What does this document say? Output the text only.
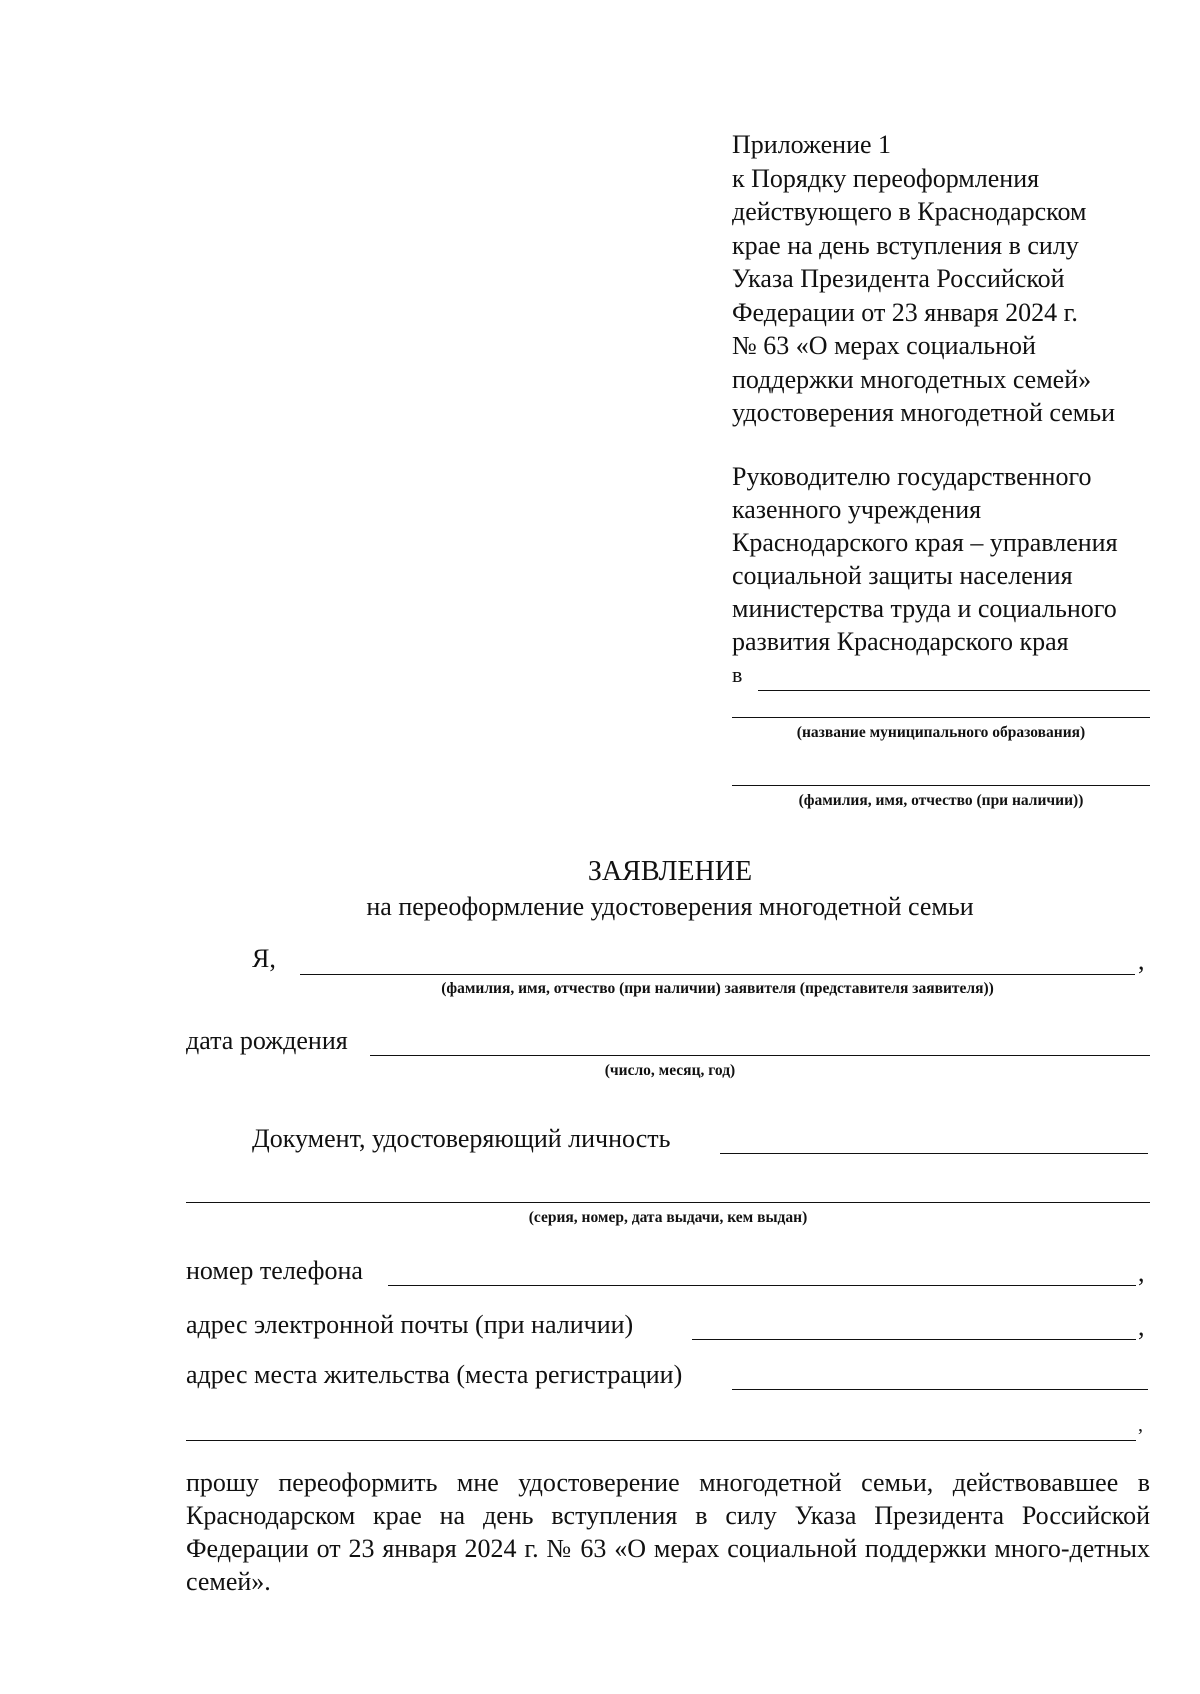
Приложение 1
к Порядку переоформления
действующего в Краснодарском
крае на день вступления в силу
Указа Президента Российской
Федерации от 23 января 2024 г.
№ 63 «О мерах социальной
поддержки многодетных семей»
удостоверения многодетной семьи
Руководителю государственного
казенного учреждения
Краснодарского края – управления
социальной защиты населения
министерства труда и социального
развития Краснодарского края
в
(название муниципального образования)
(фамилия, имя, отчество (при наличии))
ЗАЯВЛЕНИЕ
на переоформление удостоверения многодетной семьи
Я,	,
(фамилия, имя, отчество (при наличии) заявителя (представителя заявителя))
дата рождения
(число, месяц, год)
Документ, удостоверяющий личность
(серия, номер, дата выдачи, кем выдан)
номер телефона	,
адрес электронной почты (при наличии)	,
адрес места жительства (места регистрации)
,
прошу переоформить мне удостоверение многодетной семьи, действовавшее в Краснодарском крае на день вступления в силу Указа Президента Российской Федерации от 23 января 2024 г. № 63 «О мерах социальной поддержки много-детных семей».
